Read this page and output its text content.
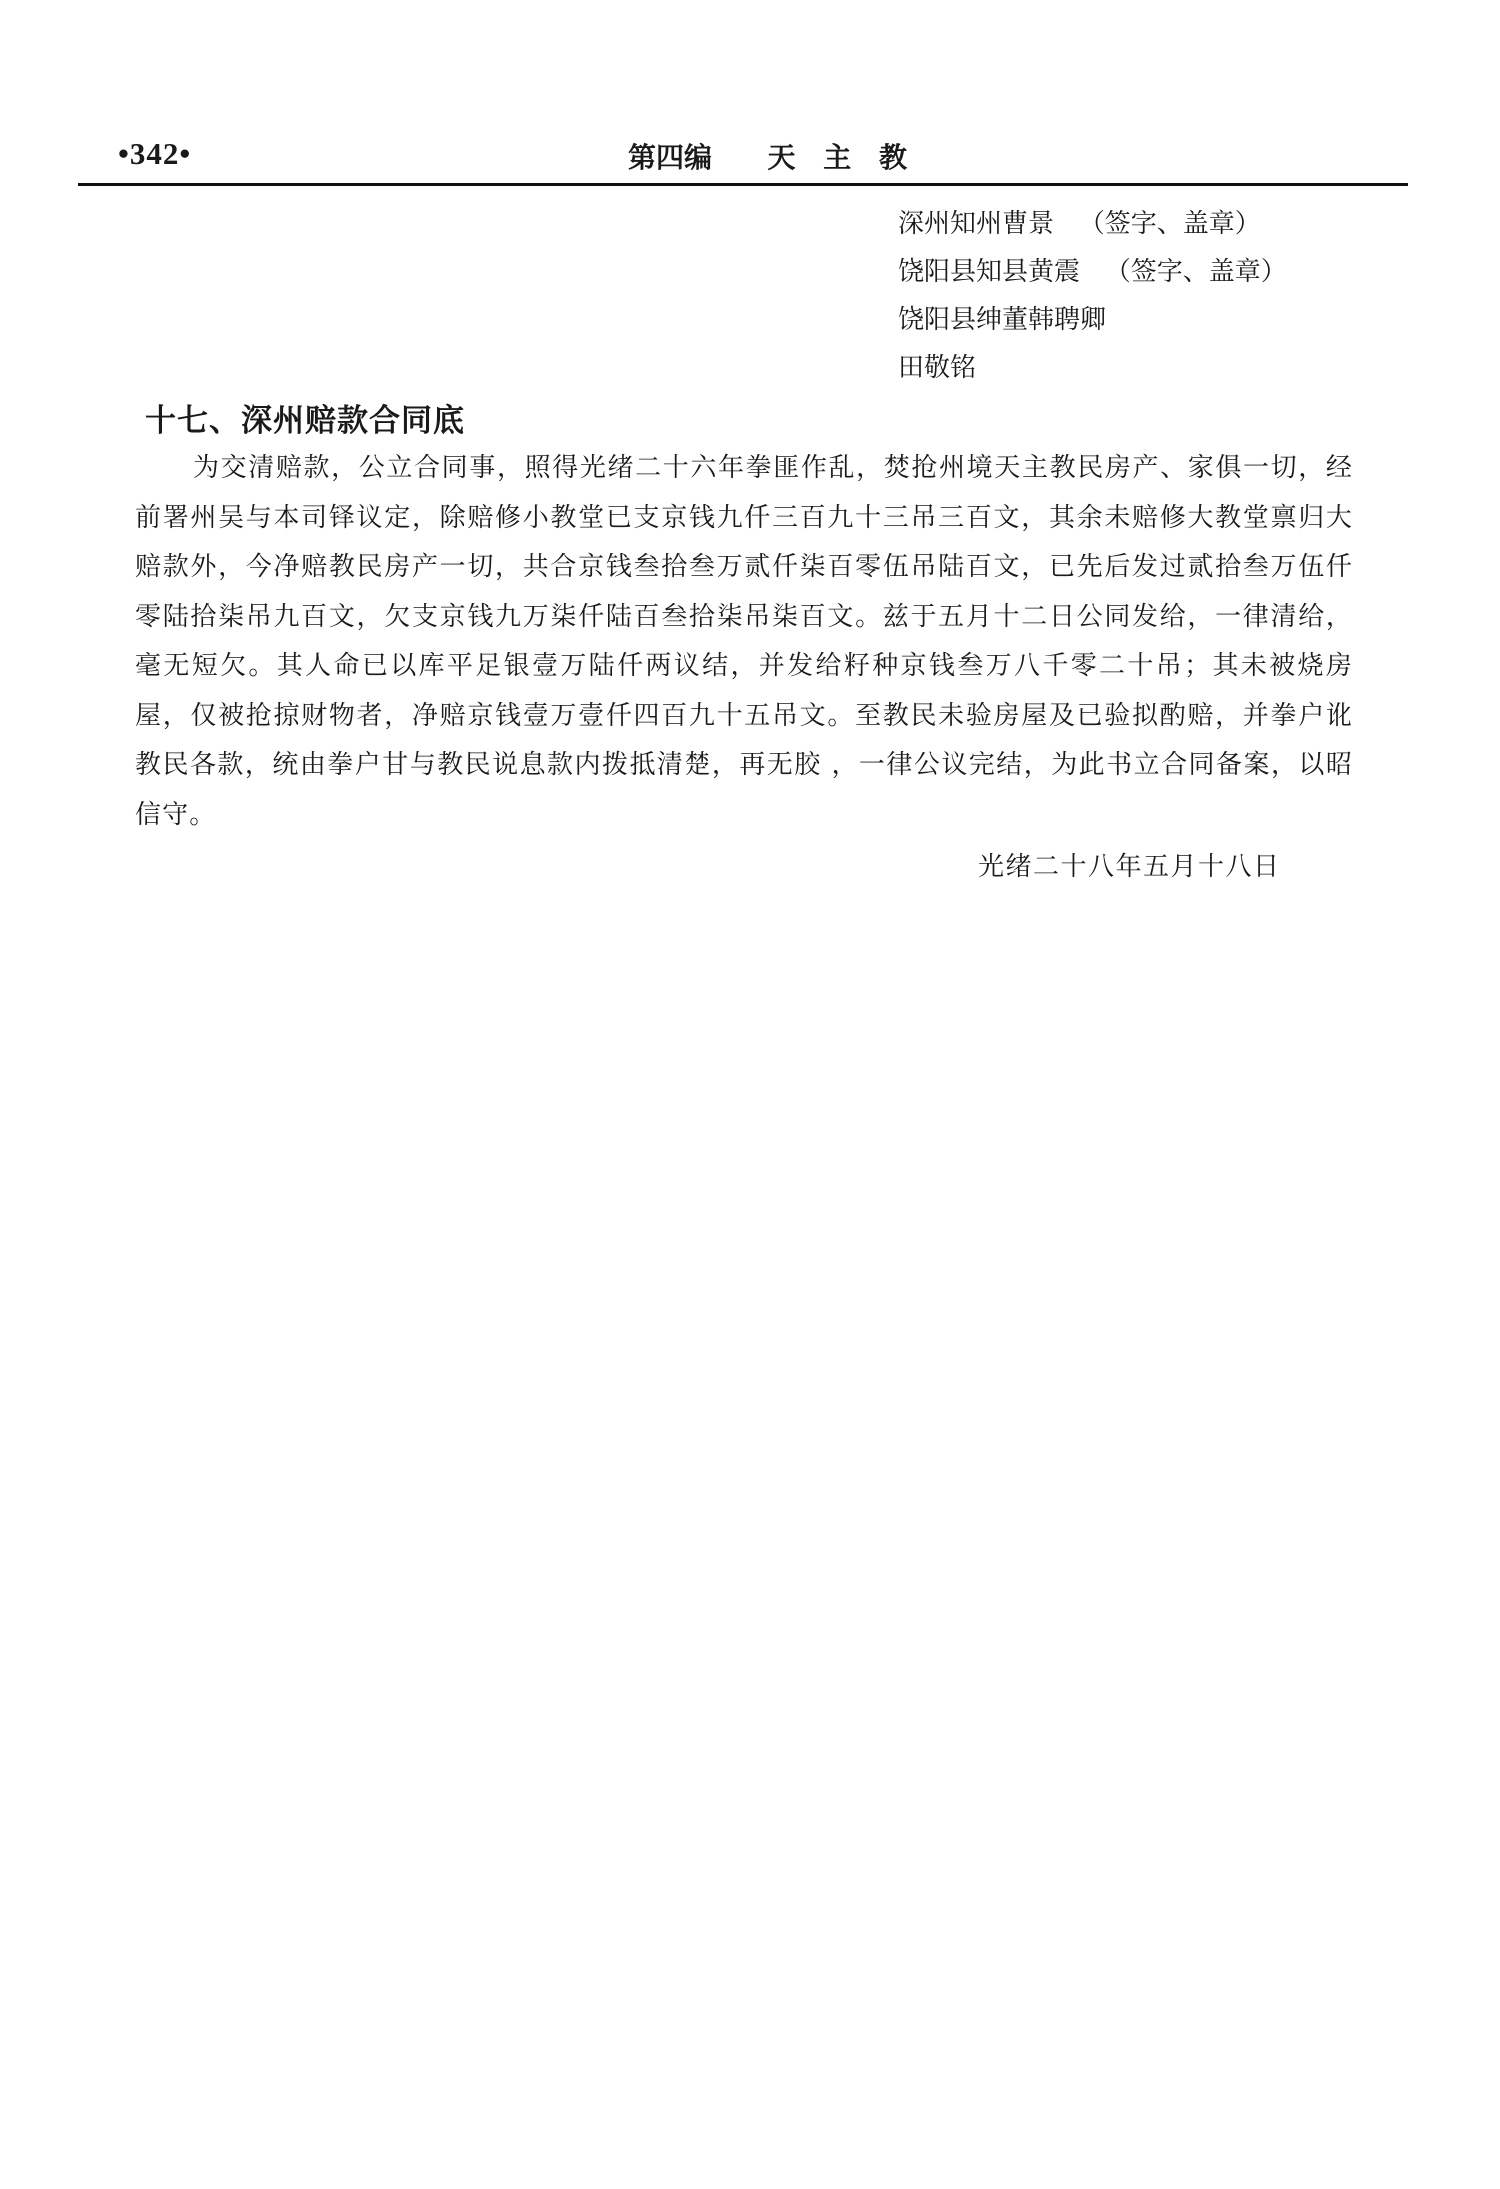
•342•	第四编  天 主 教
深州知州曹景   （签字、盖章）
饶阳县知县黄震   （签字、盖章）
饶阳县绅董韩聘卿
田敬铭
十七、深州赔款合同底

为交清赔款，公立合同事，照得光绪二十六年拳匪作乱，焚抢州境天主教民房产、家俱一切，经前署州吴与本司铎议定，除赔修小教堂已支京钱九仟三百九十三吊三百文，其余未赔修大教堂禀归大赔款外，今净赔教民房产一切，共合京钱叁拾叁万贰仟柒百零伍吊陆百文，已先后发过贰拾叁万伍仟零陆拾柒吊九百文，欠支京钱九万柒仟陆百叁拾柒吊柒百文。兹于五月十二日公同发给，一律清给，毫无短欠。其人命已以库平足银壹万陆仟两议结，并发给籽种京钱叁万八千零二十吊；其未被烧房屋，仅被抢掠财物者，净赔京钱壹万壹仟四百九十五吊文。至教民未验房屋及已验拟酌赔，并拳户讹教民各款，统由拳户甘与教民说息款内拨抵清楚，再无胶 ，一律公议完结，为此书立合同备案，以昭信守。

光绪二十八年五月十八日
